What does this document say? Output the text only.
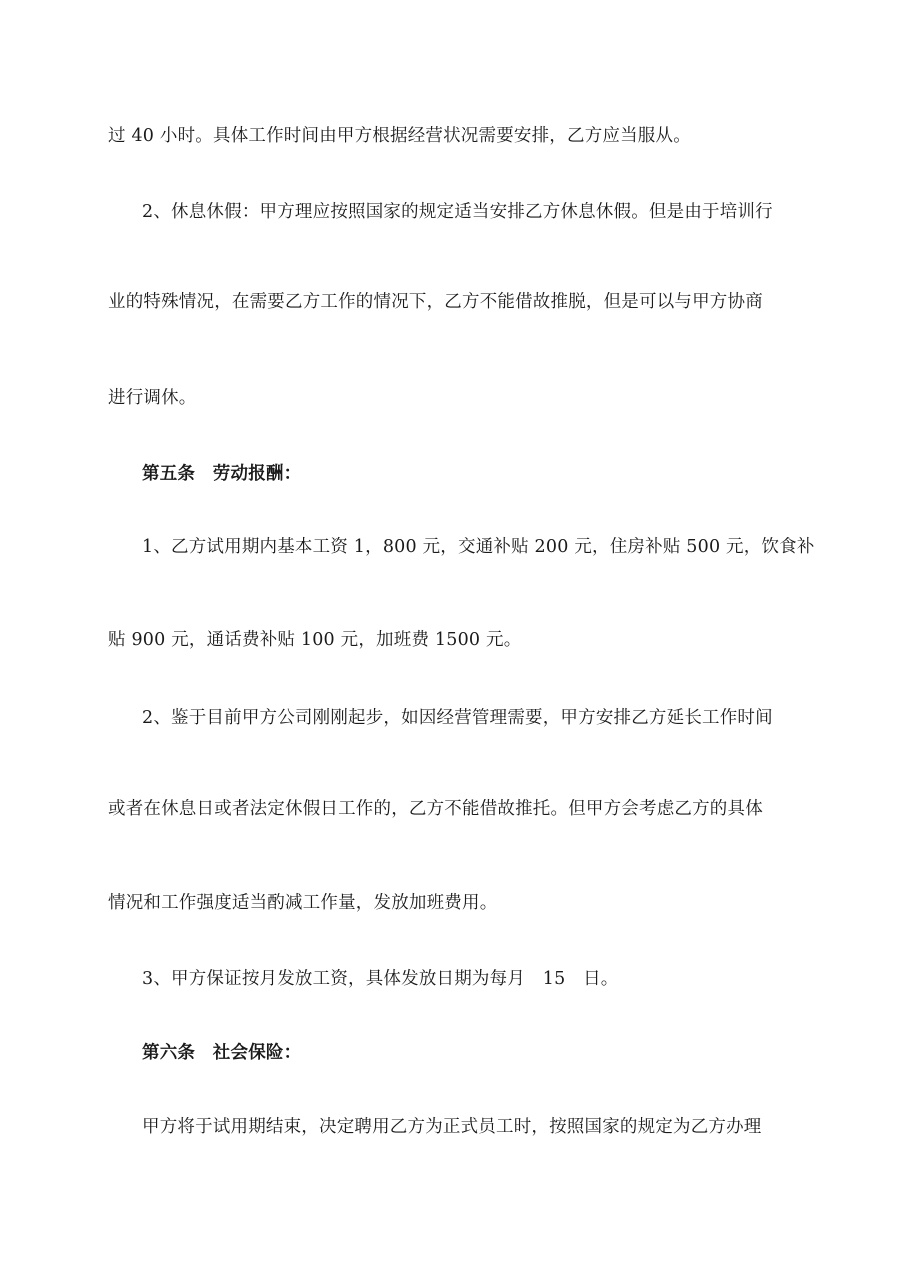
过 40 小时。具体工作时间由甲方根据经营状况需要安排，乙方应当服从。
2、休息休假：甲方理应按照国家的规定适当安排乙方休息休假。但是由于培训行
业的特殊情况，在需要乙方工作的情况下，乙方不能借故推脱，但是可以与甲方协商
进行调休。
第五条　劳动报酬：
1、乙方试用期内基本工资 1，800 元，交通补贴 200 元，住房补贴 500 元，饮食补
贴 900 元，通话费补贴 100 元，加班费 1500 元。
2、鉴于目前甲方公司刚刚起步，如因经营管理需要，甲方安排乙方延长工作时间
或者在休息日或者法定休假日工作的，乙方不能借故推托。但甲方会考虑乙方的具体
情况和工作强度适当酌减工作量，发放加班费用。
3、甲方保证按月发放工资，具体发放日期为每月　15　日。
第六条　社会保险：
甲方将于试用期结束，决定聘用乙方为正式员工时，按照国家的规定为乙方办理
